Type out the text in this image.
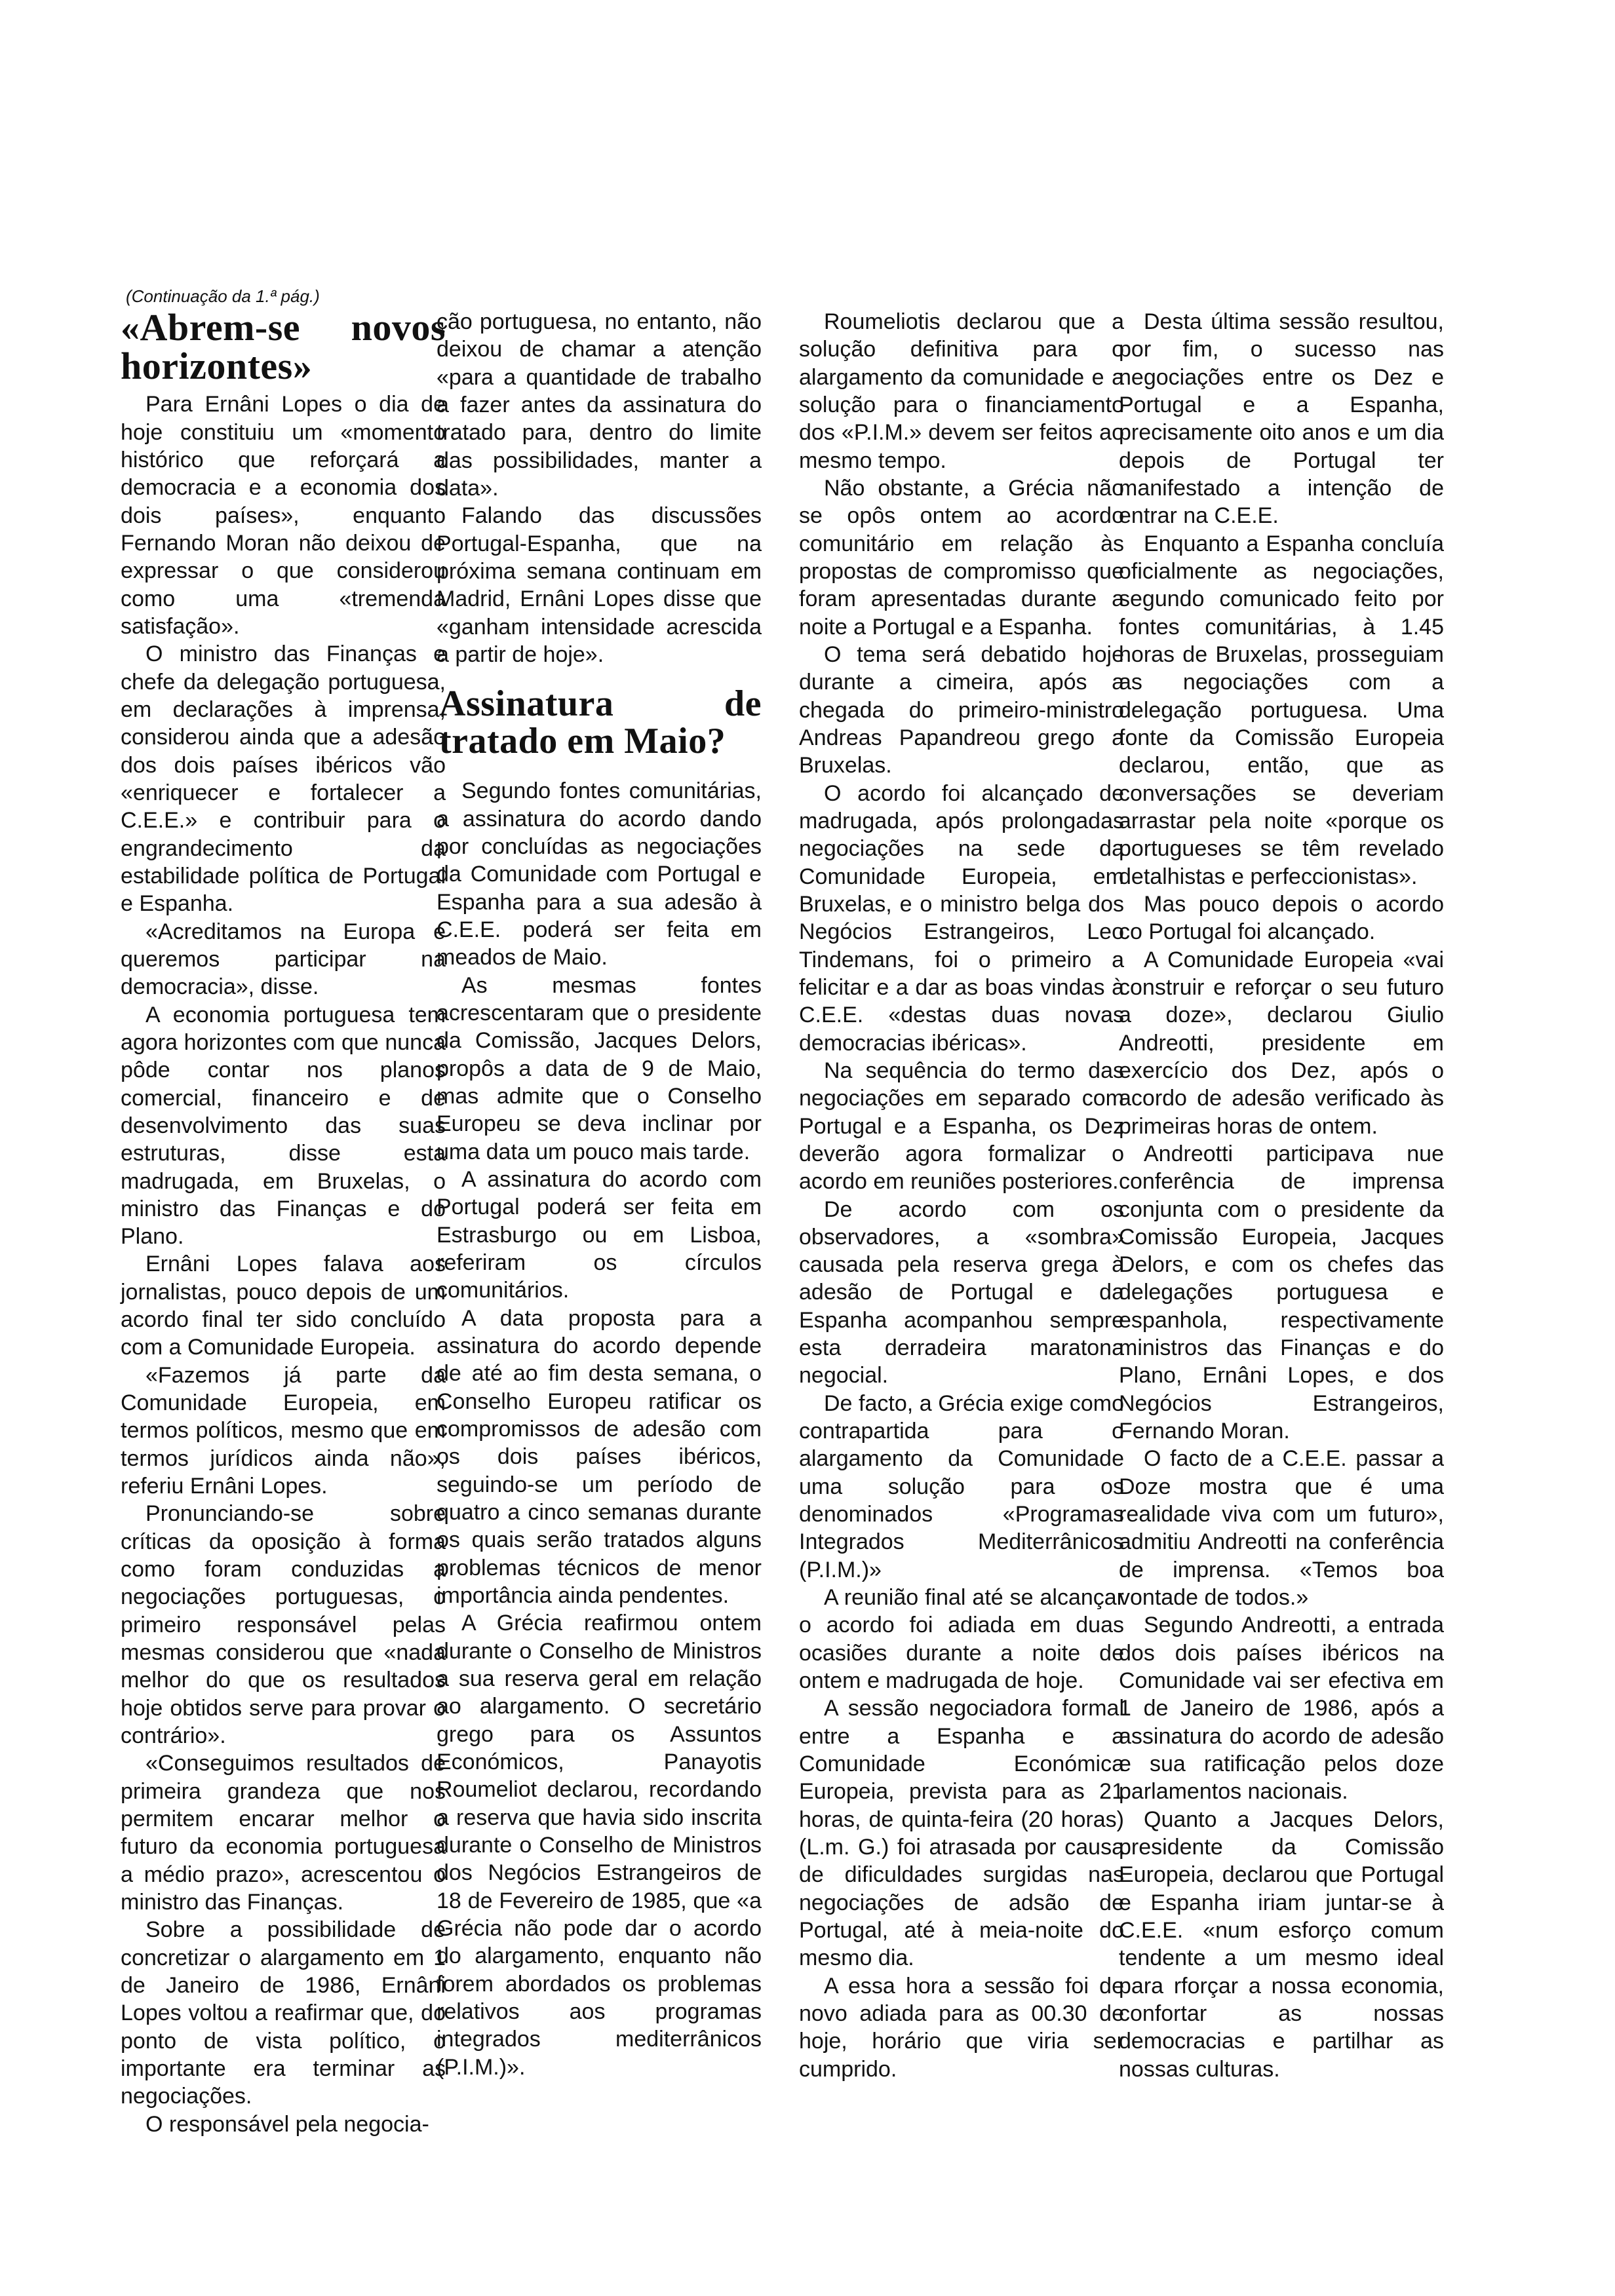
(Continuação da 1.ª pág.)

«Abrem-se novos horizontes»

Para Ernâni Lopes o dia de hoje constituiu um «momento histórico que reforçará a democracia e a economia dos dois países», enquanto Fernando Moran não deixou de expressar o que considerou como uma «tremenda satisfação».

O ministro das Finanças e chefe da delegação portuguesa, em declarações à imprensa, considerou ainda que a adesão dos dois países ibéricos vão «enriquecer e fortalecer a C.E.E.» e contribuir para o engrandecimento da estabilidade política de Portugal e Espanha.

«Acreditamos na Europa e queremos participar na democracia», disse.

A economia portuguesa tem agora horizontes com que nunca pôde contar nos planos comercial, financeiro e de desenvolvimento das suas estruturas, disse esta madrugada, em Bruxelas, o ministro das Finanças e do Plano.

Ernâni Lopes falava aos jornalistas, pouco depois de um acordo final ter sido concluído com a Comunidade Europeia.

«Fazemos já parte da Comunidade Europeia, em termos políticos, mesmo que em termos jurídicos ainda não», referiu Ernâni Lopes.

Pronunciando-se sobre críticas da oposição à forma como foram conduzidas a negociações portuguesas, o primeiro responsável pelas mesmas considerou que «nada melhor do que os resultados hoje obtidos serve para provar o contrário».

«Conseguimos resultados de primeira grandeza que nos permitem encarar melhor o futuro da economia portuguesa a médio prazo», acrescentou o ministro das Finanças.

Sobre a possibilidade de concretizar o alargamento em 1 de Janeiro de 1986, Ernâni Lopes voltou a reafirmar que, do ponto de vista político, o importante era terminar as negociações.

O responsável pela negocia-

ção portuguesa, no entanto, não deixou de chamar a atenção «para a quantidade de trabalho a fazer antes da assinatura do tratado para, dentro do limite das possibilidades, manter a data».

Falando das discussões Portugal-Espanha, que na próxima semana continuam em Madrid, Ernâni Lopes disse que «ganham intensidade acrescida a partir de hoje».

Assinatura de tratado em Maio?

Segundo fontes comunitárias, a assinatura do acordo dando por concluídas as negociações da Comunidade com Portugal e Espanha para a sua adesão à C.E.E. poderá ser feita em meados de Maio.

As mesmas fontes acrescentaram que o presidente da Comissão, Jacques Delors, propôs a data de 9 de Maio, mas admite que o Conselho Europeu se deva inclinar por uma data um pouco mais tarde.

A assinatura do acordo com Portugal poderá ser feita em Estrasburgo ou em Lisboa, referiram os círculos comunitários.

A data proposta para a assinatura do acordo depende de até ao fim desta semana, o Conselho Europeu ratificar os compromissos de adesão com os dois países ibéricos, seguindo-se um período de quatro a cinco semanas durante os quais serão tratados alguns problemas técnicos de menor importância ainda pendentes.

A Grécia reafirmou ontem durante o Conselho de Ministros a sua reserva geral em relação ao alargamento. O secretário grego para os Assuntos Económicos, Panayotis Roumeliot declarou, recordando a reserva que havia sido inscrita durante o Conselho de Ministros dos Negócios Estrangeiros de 18 de Fevereiro de 1985, que «a Grécia não pode dar o acordo do alargamento, enquanto não forem abordados os problemas relativos aos programas integrados mediterrânicos (P.I.M.)».

Roumeliotis declarou que a solução definitiva para o alargamento da comunidade e a solução para o financiamento dos «P.I.M.» devem ser feitos ao mesmo tempo.

Não obstante, a Grécia não se opôs ontem ao acordo comunitário em relação às propostas de compromisso que foram apresentadas durante a noite a Portugal e a Espanha.

O tema será debatido hoje durante a cimeira, após a chegada do primeiro-ministro Andreas Papandreou grego a Bruxelas.

O acordo foi alcançado de madrugada, após prolongadas negociações na sede da Comunidade Europeia, em Bruxelas, e o ministro belga dos Negócios Estrangeiros, Leo Tindemans, foi o primeiro a felicitar e a dar as boas vindas à C.E.E. «destas duas novas democracias ibéricas».

Na sequência do termo das negociações em separado com Portugal e a Espanha, os Dez deverão agora formalizar o acordo em reuniões posteriores.

De acordo com os observadores, a «sombra» causada pela reserva grega à adesão de Portugal e da Espanha acompanhou sempre esta derradeira maratona negocial.

De facto, a Grécia exige como contrapartida para o alargamento da Comunidade uma solução para os denominados «Programas Integrados Mediterrânicos (P.I.M.)»

A reunião final até se alcançar o acordo foi adiada em duas ocasiões durante a noite de ontem e madrugada de hoje.

A sessão negociadora formal entre a Espanha e a Comunidade Económica Europeia, prevista para as 21 horas, de quinta-feira (20 horas) (L.m. G.) foi atrasada por causa de dificuldades surgidas nas negociações de adsão de Portugal, até à meia-noite do mesmo dia.

A essa hora a sessão foi de novo adiada para as 00.30 de hoje, horário que viria ser cumprido.

Desta última sessão resultou, por fim, o sucesso nas negociações entre os Dez e Portugal e a Espanha, precisamente oito anos e um dia depois de Portugal ter manifestado a intenção de entrar na C.E.E.

Enquanto a Espanha concluía oficialmente as negociações, segundo comunicado feito por fontes comunitárias, à 1.45 horas de Bruxelas, prosseguiam as negociações com a delegação portuguesa. Uma fonte da Comissão Europeia declarou, então, que as conversações se deveriam arrastar pela noite «porque os portugueses se têm revelado detalhistas e perfeccionistas».

Mas pouco depois o acordo co Portugal foi alcançado.

A Comunidade Europeia «vai construir e reforçar o seu futuro a doze», declarou Giulio Andreotti, presidente em exercício dos Dez, após o acordo de adesão verificado às primeiras horas de ontem.

Andreotti participava nue conferência de imprensa conjunta com o presidente da Comissão Europeia, Jacques Delors, e com os chefes das delegações portuguesa e espanhola, respectivamente ministros das Finanças e do Plano, Ernâni Lopes, e dos Negócios Estrangeiros, Fernando Moran.

O facto de a C.E.E. passar a Doze mostra que é uma realidade viva com um futuro», admitiu Andreotti na conferência de imprensa. «Temos boa vontade de todos.»

Segundo Andreotti, a entrada dos dois países ibéricos na Comunidade vai ser efectiva em 1 de Janeiro de 1986, após a assinatura do acordo de adesão e sua ratificação pelos doze parlamentos nacionais.

Quanto a Jacques Delors, presidente da Comissão Europeia, declarou que Portugal e Espanha iriam juntar-se à C.E.E. «num esforço comum tendente a um mesmo ideal para rforçar a nossa economia, confortar as nossas democracias e partilhar as nossas culturas.
